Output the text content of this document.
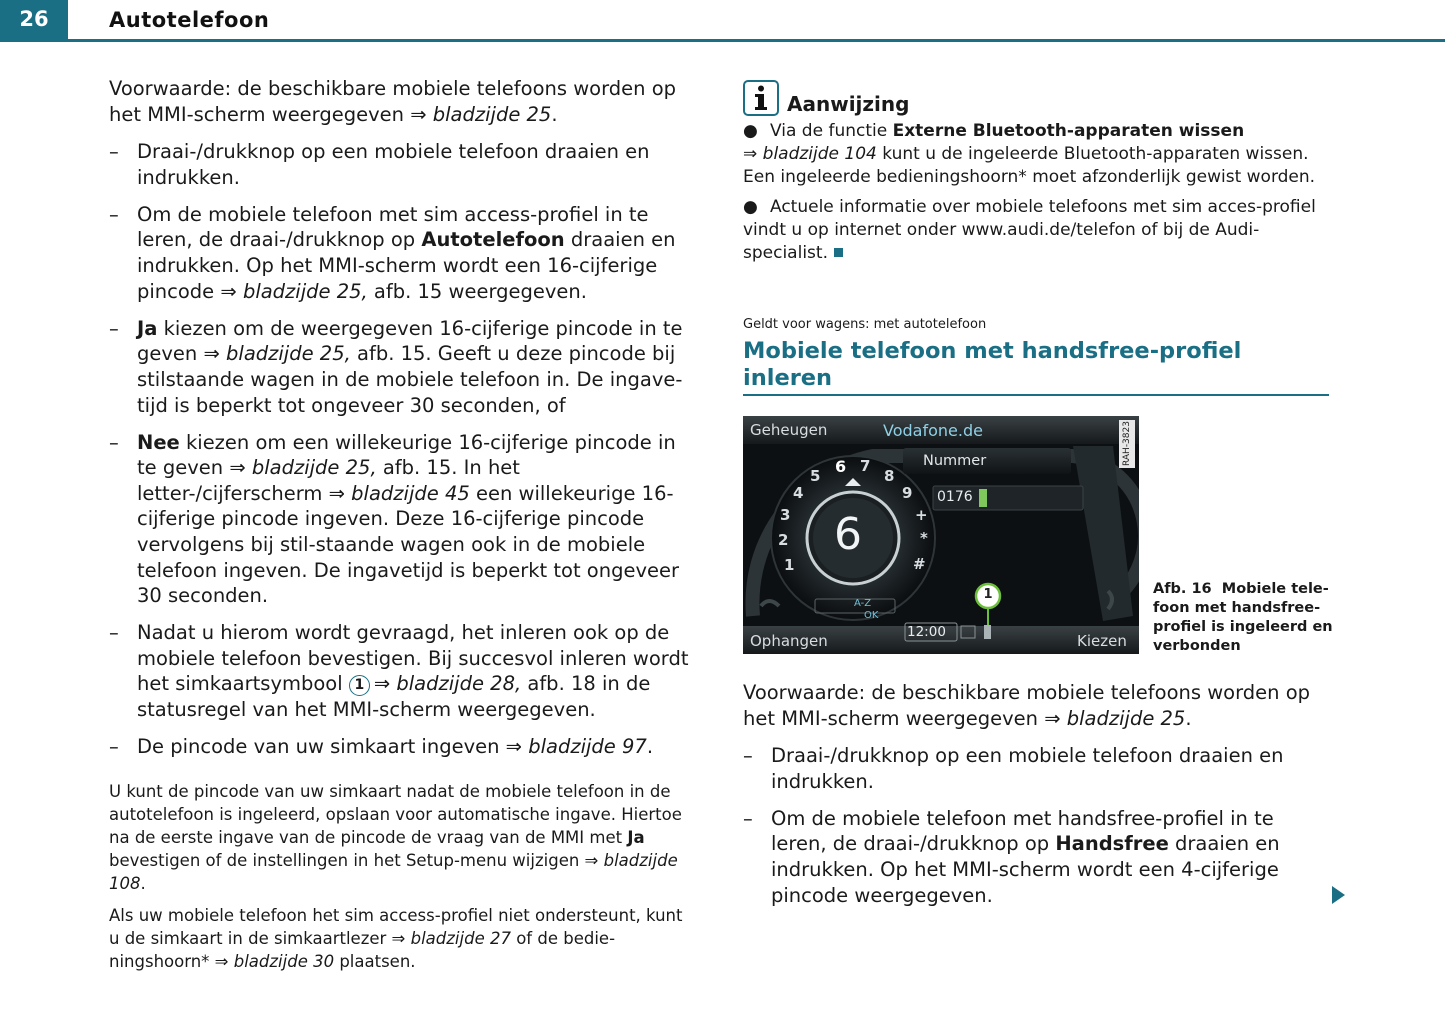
26	Autotelefoon

Voorwaarde: de beschikbare mobiele telefoons worden op het MMI-scherm weergegeven ⇒ bladzijde 25.

– Draai-/drukknop op een mobiele telefoon draaien en indrukken.
– Om de mobiele telefoon met sim access-profiel in te leren, de draai-/drukknop op Autotelefoon draaien en indrukken. Op het MMI-scherm wordt een 16-cijferige pincode ⇒ bladzijde 25, afb. 15 weergegeven.
– Ja kiezen om de weergegeven 16-cijferige pincode in te geven ⇒ bladzijde 25, afb. 15. Geeft u deze pincode bij stilstaande wagen in de mobiele telefoon in. De ingave-tijd is beperkt tot ongeveer 30 seconden, of
– Nee kiezen om een willekeurige 16-cijferige pincode in te geven ⇒ bladzijde 25, afb. 15. In het letter-/cijferscherm ⇒ bladzijde 45 een willekeurige 16-cijferige pincode ingeven. Deze 16-cijferige pincode vervolgens bij stil-staande wagen ook in de mobiele telefoon ingeven. De ingavetijd is beperkt tot ongeveer 30 seconden.
– Nadat u hierom wordt gevraagd, het inleren ook op de mobiele telefoon bevestigen. Bij succesvol inleren wordt het simkaartsymbool 1 ⇒ bladzijde 28, afb. 18 in de statusregel van het MMI-scherm weergegeven.
– De pincode van uw simkaart ingeven ⇒ bladzijde 97.

U kunt de pincode van uw simkaart nadat de mobiele telefoon in de autotelefoon is ingeleerd, opslaan voor automatische ingave. Hiertoe na de eerste ingave van de pincode de vraag van de MMI met Ja bevestigen of de instellingen in het Setup-menu wijzigen ⇒ bladzijde 108.

Als uw mobiele telefoon het sim access-profiel niet ondersteunt, kunt u de simkaart in de simkaartlezer ⇒ bladzijde 27 of de bedie-ningshoorn* ⇒ bladzijde 30 plaatsen.

Aanwijzing
● Via de functie Externe Bluetooth-apparaten wissen
⇒ bladzijde 104 kunt u de ingeleerde Bluetooth-apparaten wissen. Een ingeleerde bedieningshoorn* moet afzonderlijk gewist worden.
● Actuele informatie over mobiele telefoons met sim acces-profiel vindt u op internet onder www.audi.de/telefon of bij de Audi-specialist.
Geldt voor wagens: met autotelefoon
Mobiele telefoon met handsfree-profiel inleren
Geheugen	Vodafone.de	RAH-3823
Nummer
0176
6
1
2
3
4
5 6 7
8
9
+
*
#
A-Z
OK
12:00
1
Ophangen	Kiezen
Afb. 16 Mobiele tele-foon met handsfree-profiel is ingeleerd en verbonden

Voorwaarde: de beschikbare mobiele telefoons worden op het MMI-scherm weergegeven ⇒ bladzijde 25.

– Draai-/drukknop op een mobiele telefoon draaien en indrukken.
– Om de mobiele telefoon met handsfree-profiel in te leren, de draai-/drukknop op Handsfree draaien en indrukken. Op het MMI-scherm wordt een 4-cijferige pincode weergegeven.
